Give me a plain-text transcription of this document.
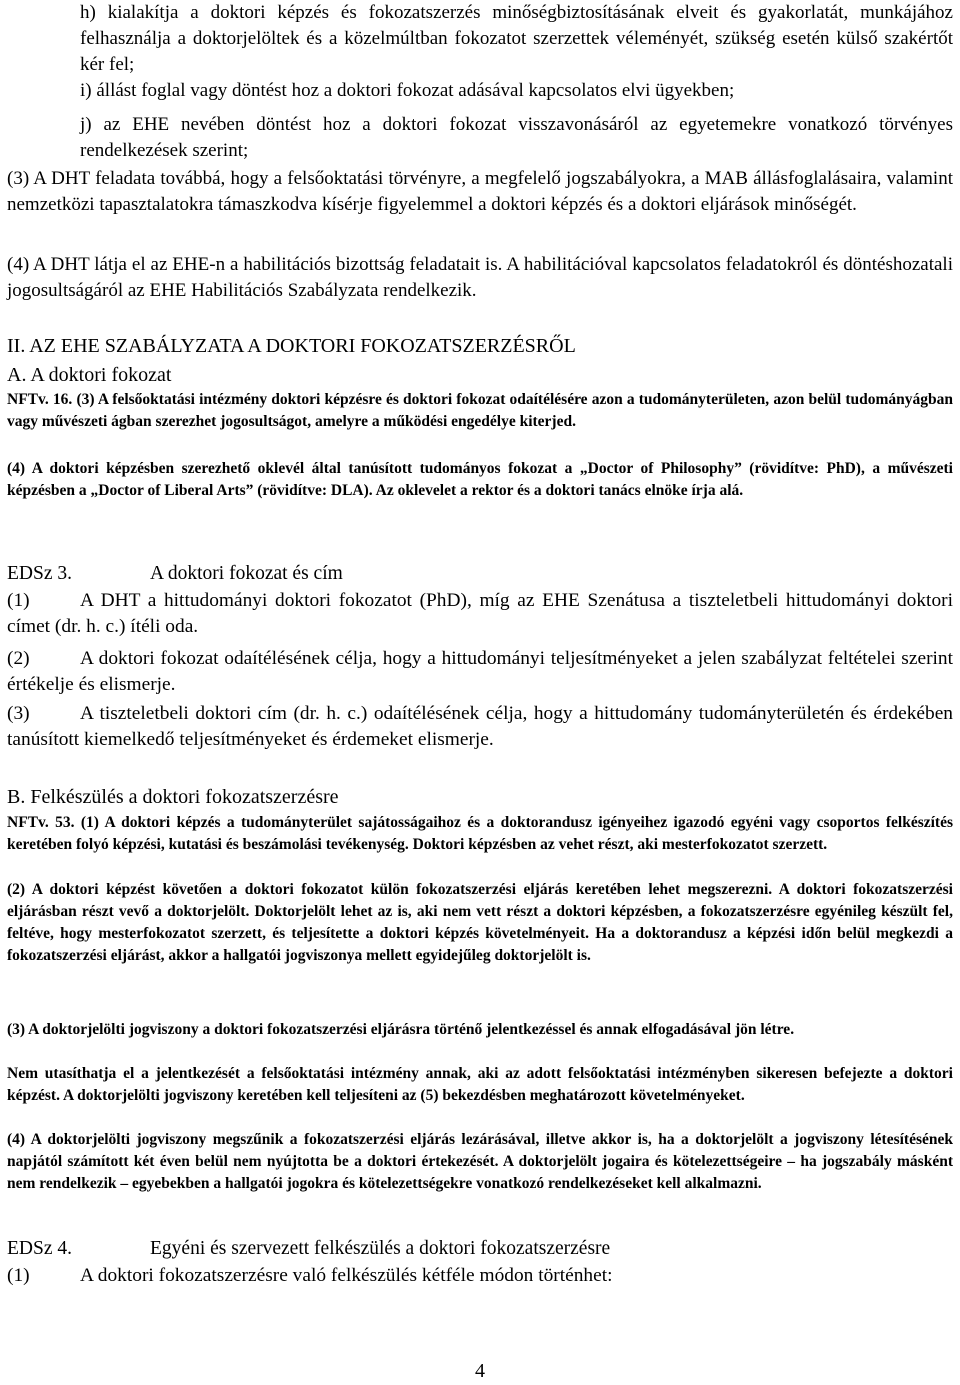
h) kialakítja a doktori képzés és fokozatszerzés minőségbiztosításának elveit és gyakorlatát, munkájához felhasználja a doktorjelöltek és a közelmúltban fokozatot szerzettek véleményét, szükség esetén külső szakértőt kér fel;

i) állást foglal vagy döntést hoz a doktori fokozat adásával kapcsolatos elvi ügyekben;

j) az EHE nevében döntést hoz a doktori fokozat visszavonásáról az egyetemekre vonatkozó törvényes rendelkezések szerint;

(3) A DHT feladata továbbá, hogy a felsőoktatási törvényre, a megfelelő jogszabályokra, a MAB állásfoglalásaira, valamint nemzetközi tapasztalatokra támaszkodva kísérje figyelemmel a doktori képzés és a doktori eljárások minőségét.

(4) A DHT látja el az EHE-n a habilitációs bizottság feladatait is. A habilitációval kapcsolatos feladatokról és döntéshozatali jogosultságáról az EHE Habilitációs Szabályzata rendelkezik.

II. AZ EHE SZABÁLYZATA A DOKTORI FOKOZATSZERZÉSRŐL

A. A doktori fokozat

NFTv. 16. (3) A felsőoktatási intézmény doktori képzésre és doktori fokozat odaítélésére azon a tudományterületen, azon belül tudományágban vagy művészeti ágban szerezhet jogosultságot, amelyre a működési engedélye kiterjed.

(4) A doktori képzésben szerezhető oklevél által tanúsított tudományos fokozat a „Doctor of Philosophy” (rövidítve: PhD), a művészeti képzésben a „Doctor of Liberal Arts” (rövidítve: DLA). Az oklevelet a rektor és a doktori tanács elnöke írja alá.

EDSz 3.	A doktori fokozat és cím

(1)	A DHT a hittudományi doktori fokozatot (PhD), míg az EHE Szenátusa a tiszteletbeli hittudományi doktori címet (dr. h. c.) ítéli oda.

(2)	A doktori fokozat odaítélésének célja, hogy a hittudományi teljesítményeket a jelen szabályzat feltételei szerint értékelje és elismerje.

(3)	A tiszteletbeli doktori cím (dr. h. c.) odaítélésének célja, hogy a hittudomány tudományterületén és érdekében tanúsított kiemelkedő teljesítményeket és érdemeket elismerje.

B. Felkészülés a doktori fokozatszerzésre

NFTv. 53. (1) A doktori képzés a tudományterület sajátosságaihoz és a doktorandusz igényeihez igazodó egyéni vagy csoportos felkészítés keretében folyó képzési, kutatási és beszámolási tevékenység. Doktori képzésben az vehet részt, aki mesterfokozatot szerzett.

(2) A doktori képzést követően a doktori fokozatot külön fokozatszerzési eljárás keretében lehet megszerezni. A doktori fokozatszerzési eljárásban részt vevő a doktorjelölt. Doktorjelölt lehet az is, aki nem vett részt a doktori képzésben, a fokozatszerzésre egyénileg készült fel, feltéve, hogy mesterfokozatot szerzett, és teljesítette a doktori képzés követelményeit. Ha a doktorandusz a képzési időn belül megkezdi a fokozatszerzési eljárást, akkor a hallgatói jogviszonya mellett egyidejűleg doktorjelölt is.

(3) A doktorjelölti jogviszony a doktori fokozatszerzési eljárásra történő jelentkezéssel és annak elfogadásával jön létre.

Nem utasíthatja el a jelentkezését a felsőoktatási intézmény annak, aki az adott felsőoktatási intézményben sikeresen befejezte a doktori képzést. A doktorjelölti jogviszony keretében kell teljesíteni az (5) bekezdésben meghatározott követelményeket.

(4) A doktorjelölti jogviszony megszűnik a fokozatszerzési eljárás lezárásával, illetve akkor is, ha a doktorjelölt a jogviszony létesítésének napjától számított két éven belül nem nyújtotta be a doktori értekezését. A doktorjelölt jogaira és kötelezettségeire – ha jogszabály másként nem rendelkezik – egyebekben a hallgatói jogokra és kötelezettségekre vonatkozó rendelkezéseket kell alkalmazni.

EDSz 4.	Egyéni és szervezett felkészülés a doktori fokozatszerzésre

(1)	A doktori fokozatszerzésre való felkészülés kétféle módon történhet:

4
